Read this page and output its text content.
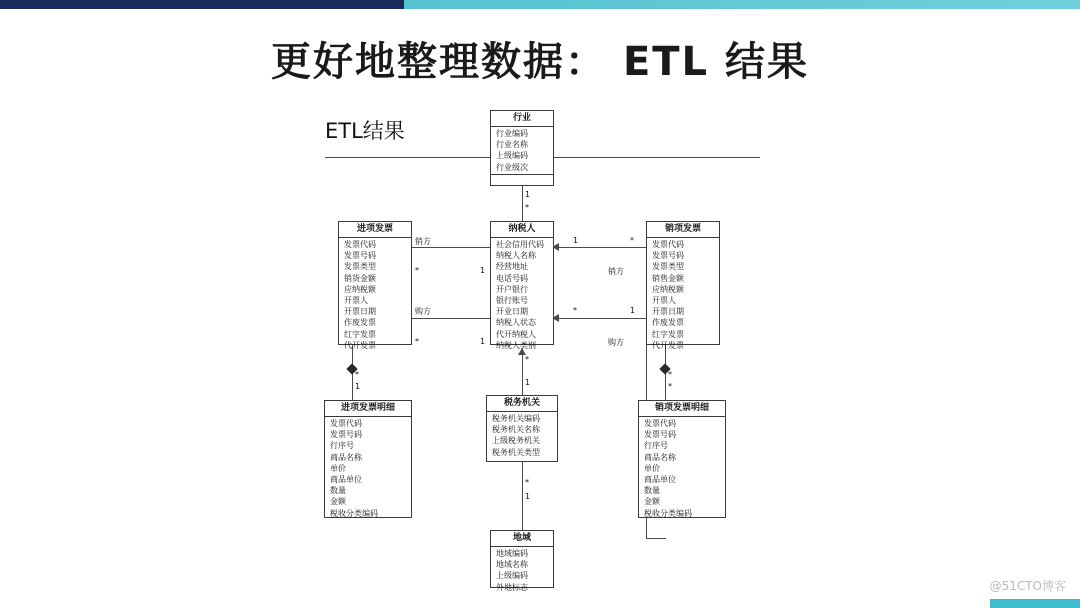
更好地整理数据： ETL 结果
ETL结果
1
*
销方
*	1
购方
*	1
销方
1	*
购方
*	1
*
1
*
*
*
1
*
1
行业
行业编码
行业名称
上级编码
行业级次
进项发票
发票代码
发票号码
发票类型
销货金额
应纳税额
开票人
开票日期
作废发票
红字发票
代开发票
纳税人
社会信用代码
纳税人名称
经营地址
电话号码
开户银行
银行账号
开业日期
纳税人状态
代开纳税人
纳税人类别
销项发票
发票代码
发票号码
发票类型
销售金额
应纳税额
开票人
开票日期
作废发票
红字发票
代开发票
进项发票明细
发票代码
发票号码
行序号
商品名称
单价
商品单位
数量
金额
税收分类编码
税务机关
税务机关编码
税务机关名称
上级税务机关
税务机关类型
销项发票明细
发票代码
发票号码
行序号
商品名称
单价
商品单位
数量
金额
税收分类编码
地域
地域编码
地域名称
上级编码
外地标志	@51CTO博客
